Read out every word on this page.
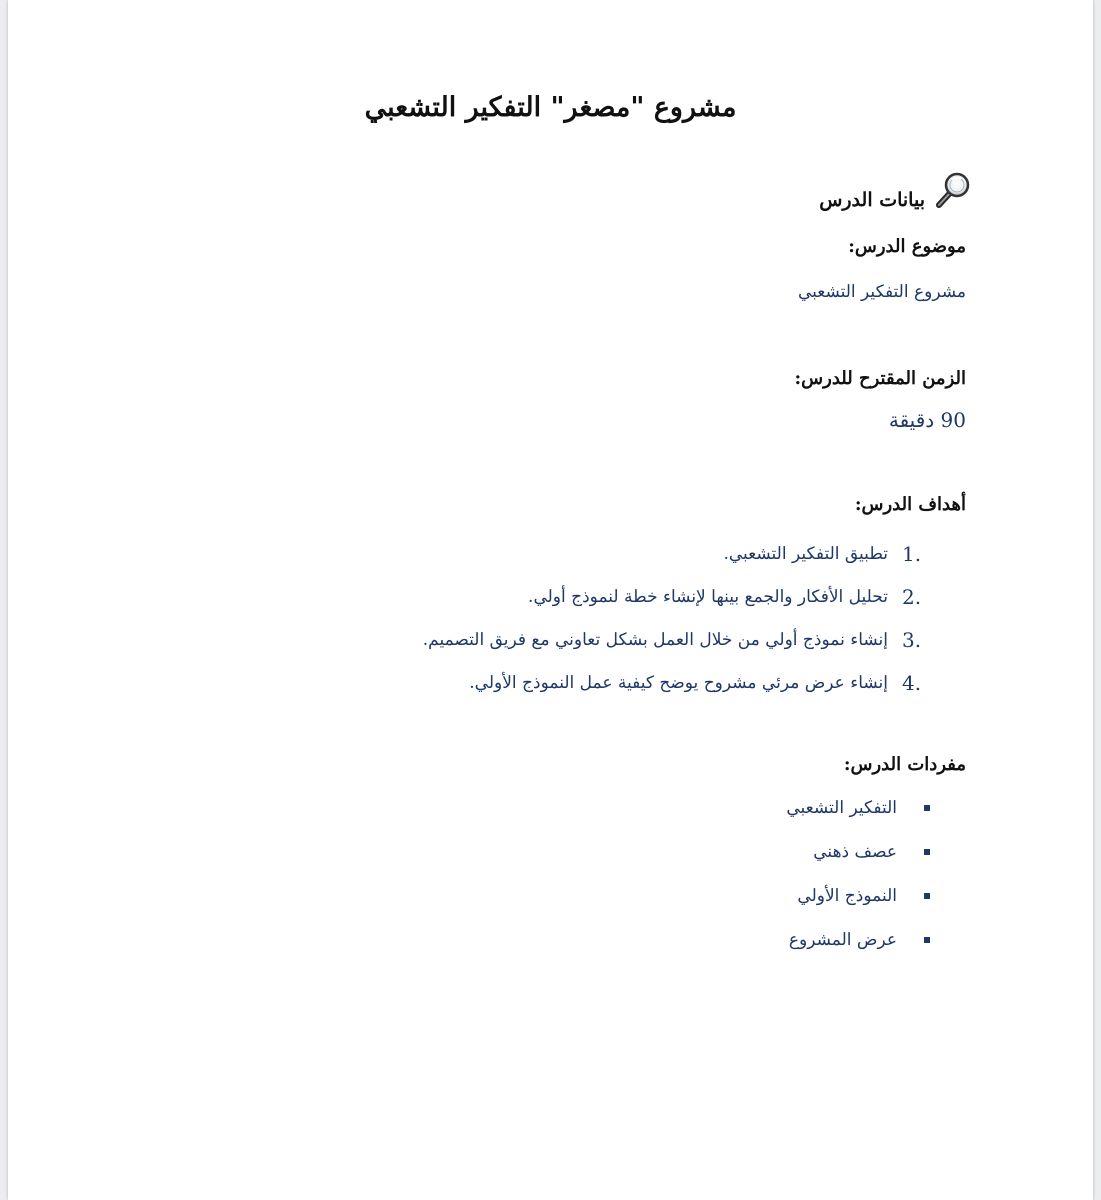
مشروع "مصغر" التفكير التشعبي
بيانات الدرس
موضوع الدرس:
مشروع التفكير التشعبي
الزمن المقترح للدرس:
90 دقيقة
أهداف الدرس:
1.
تطبيق التفكير التشعبي.
2.
تحليل الأفكار والجمع بينها لإنشاء خطة لنموذج أولي.
3.
إنشاء نموذج أولي من خلال العمل بشكل تعاوني مع فريق التصميم.
4.
إنشاء عرض مرئي مشروح يوضح كيفية عمل النموذج الأولي.
مفردات الدرس:
التفكير التشعبي
عصف ذهني
النموذج الأولي
عرض المشروع
